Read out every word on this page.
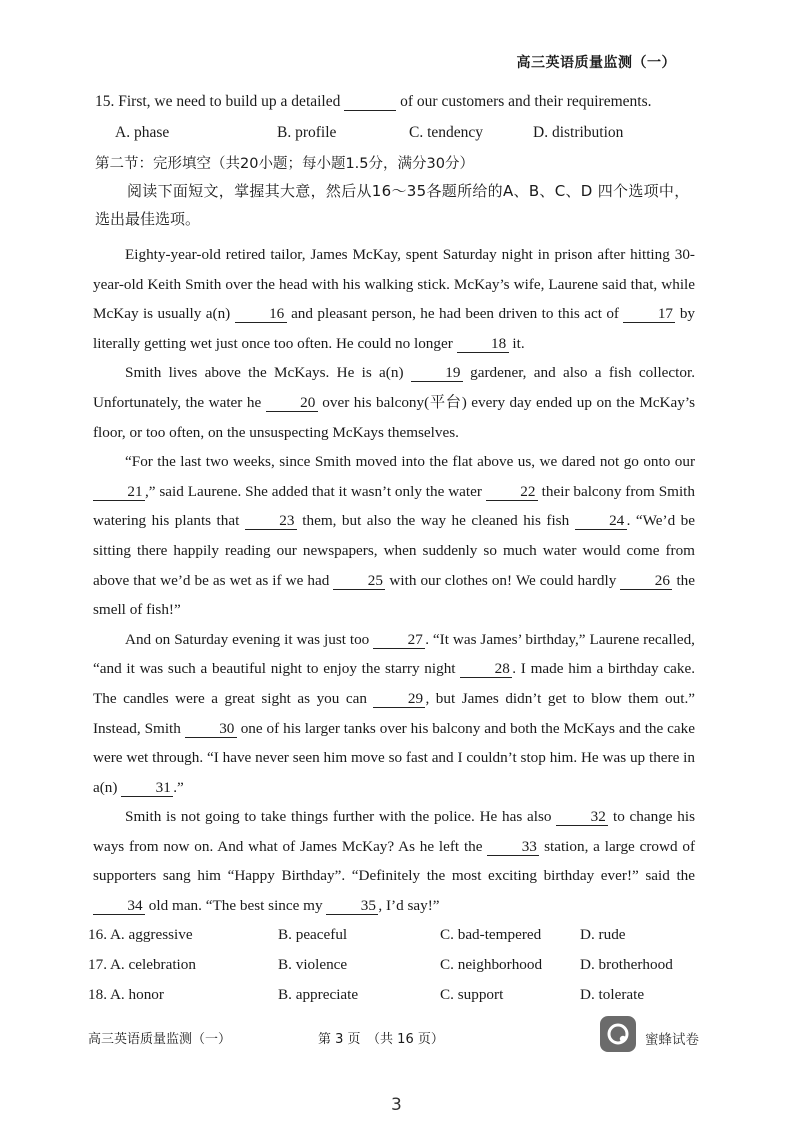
高三英语质量监测（一）
15. First, we need to build up a detailed	of our customers and their requirements.
A. phase	B. profile	C. tendency	D. distribution
第二节：完形填空（共20小题；每小题1.5分，满分30分）
阅读下面短文，掌握其大意，然后从16～35各题所给的A、B、C、D 四个选项中，
选出最佳选项。

Eighty-year-old retired tailor, James McKay, spent Saturday night in prison after hitting 30-year-old Keith Smith over the head with his walking stick. McKay’s wife, Laurene said that, while McKay is usually a(n) 16 and pleasant person, he had been driven to this act of 17 by literally getting wet just once too often. He could no longer 18 it.

Smith lives above the McKays. He is a(n) 19 gardener, and also a fish collector. Unfortunately, the water he 20 over his balcony(平台) every day ended up on the McKay’s floor, or too often, on the unsuspecting McKays themselves.

“For the last two weeks, since Smith moved into the flat above us, we dared not go onto our 21 ,” said Laurene. She added that it wasn’t only the water 22 their balcony from Smith watering his plants that 23 them, but also the way he cleaned his fish 24 . “We’d be sitting there happily reading our newspapers, when suddenly so much water would come from above that we’d be as wet as if we had 25 with our clothes on! We could hardly 26 the smell of fish!”

And on Saturday evening it was just too 27 . “It was James’ birthday,” Laurene recalled, “and it was such a beautiful night to enjoy the starry night 28 . I made him a birthday cake. The candles were a great sight as you can 29 , but James didn’t get to blow them out.” Instead, Smith 30 one of his larger tanks over his balcony and both the McKays and the cake were wet through. “I have never seen him move so fast and I couldn’t stop him. He was up there in a(n) 31 .”

Smith is not going to take things further with the police. He has also 32 to change his ways from now on. And what of James McKay? As he left the 33 station, a large crowd of supporters sang him “Happy Birthday”. “Definitely the most exciting birthday ever!” said the 34 old man. “The best since my 35 , I’d say!”

16. A. aggressive	B. peaceful	C. bad-tempered	D. rude
17. A. celebration	B. violence	C. neighborhood	D. brotherhood
18. A. honor	B. appreciate	C. support	D. tolerate
高三英语质量监测（一）	第 3 页　（共 16 页）	蜜蜂试卷
3
